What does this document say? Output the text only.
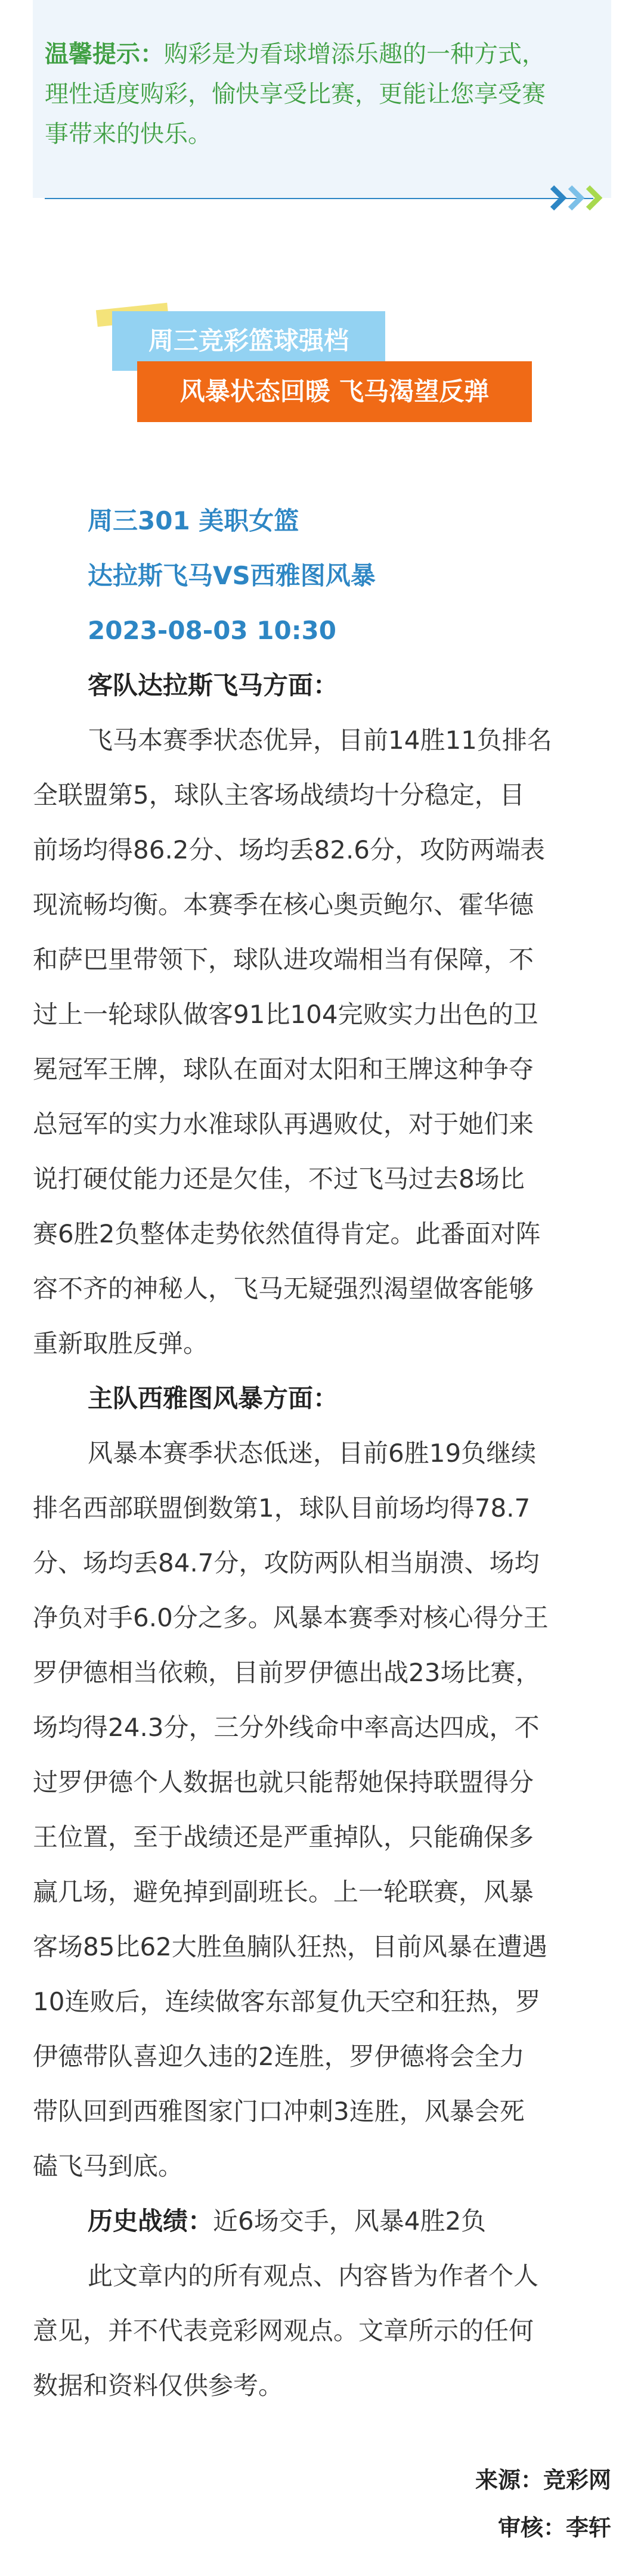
温馨提示：购彩是为看球增添乐趣的一种方式，
理性适度购彩，愉快享受比赛，更能让您享受赛
事带来的快乐。
周三竞彩篮球强档
风暴状态回暖 飞马渴望反弹

周三301 美职女篮

达拉斯飞马VS西雅图风暴

2023-08-03 10:30

客队达拉斯飞马方面：

飞马本赛季状态优异，目前14胜11负排名

全联盟第5，球队主客场战绩均十分稳定，目

前场均得86.2分、场均丢82.6分，攻防两端表

现流畅均衡。本赛季在核心奥贡鲍尔、霍华德

和萨巴里带领下，球队进攻端相当有保障，不

过上一轮球队做客91比104完败实力出色的卫

冕冠军王牌，球队在面对太阳和王牌这种争夺

总冠军的实力水准球队再遇败仗，对于她们来

说打硬仗能力还是欠佳，不过飞马过去8场比

赛6胜2负整体走势依然值得肯定。此番面对阵

容不齐的神秘人，飞马无疑强烈渴望做客能够

重新取胜反弹。

主队西雅图风暴方面：

风暴本赛季状态低迷，目前6胜19负继续

排名西部联盟倒数第1，球队目前场均得78.7

分、场均丢84.7分，攻防两队相当崩溃、场均

净负对手6.0分之多。风暴本赛季对核心得分王

罗伊德相当依赖，目前罗伊德出战23场比赛，

场均得24.3分，三分外线命中率高达四成，不

过罗伊德个人数据也就只能帮她保持联盟得分

王位置，至于战绩还是严重掉队，只能确保多

赢几场，避免掉到副班长。上一轮联赛，风暴

客场85比62大胜鱼腩队狂热，目前风暴在遭遇

10连败后，连续做客东部复仇天空和狂热，罗

伊德带队喜迎久违的2连胜，罗伊德将会全力

带队回到西雅图家门口冲刺3连胜，风暴会死

磕飞马到底。

历史战绩：近6场交手，风暴4胜2负

此文章内的所有观点、内容皆为作者个人

意见，并不代表竞彩网观点。文章所示的任何

数据和资料仅供参考。

来源：竞彩网
审核：李轩
